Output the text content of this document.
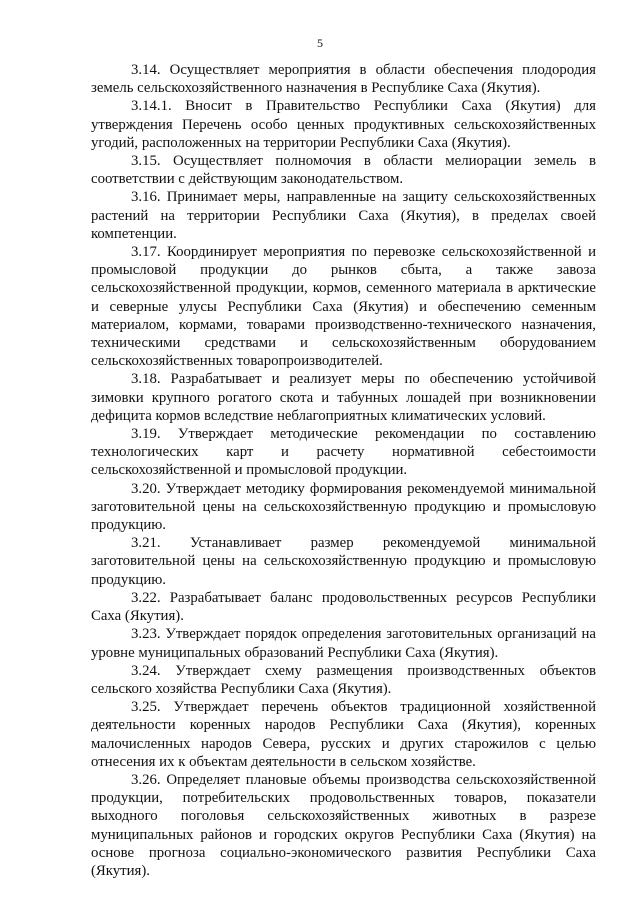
5

3.14. Осуществляет мероприятия в области обеспечения плодородия земель сельскохозяйственного назначения в Республике Саха (Якутия).

3.14.1. Вносит в Правительство Республики Саха (Якутия) для утверждения Перечень особо ценных продуктивных сельскохозяйственных угодий, расположенных на территории Республики Саха (Якутия).

3.15. Осуществляет полномочия в области мелиорации земель в соответствии с действующим законодательством.

3.16. Принимает меры, направленные на защиту сельскохозяйственных растений на территории Республики Саха (Якутия), в пределах своей компетенции.

3.17. Координирует мероприятия по перевозке сельскохозяйственной и промысловой продукции до рынков сбыта, а также завоза сельскохозяйственной продукции, кормов, семенного материала в арктические и северные улусы Республики Саха (Якутия) и обеспечению семенным материалом, кормами, товарами производственно-технического назначения, техническими средствами и сельскохозяйственным оборудованием сельскохозяйственных товаропроизводителей.

3.18. Разрабатывает и реализует меры по обеспечению устойчивой зимовки крупного рогатого скота и табунных лошадей при возникновении дефицита кормов вследствие неблагоприятных климатических условий.

3.19. Утверждает методические рекомендации по составлению технологических карт и расчету нормативной себестоимости сельскохозяйственной и промысловой продукции.

3.20. Утверждает методику формирования рекомендуемой минимальной заготовительной цены на сельскохозяйственную продукцию и промысловую продукцию.

3.21. Устанавливает размер рекомендуемой минимальной заготовительной цены на сельскохозяйственную продукцию и промысловую продукцию.

3.22. Разрабатывает баланс продовольственных ресурсов Республики Саха (Якутия).

3.23. Утверждает порядок определения заготовительных организаций на уровне муниципальных образований Республики Саха (Якутия).

3.24. Утверждает схему размещения производственных объектов сельского хозяйства Республики Саха (Якутия).

3.25. Утверждает перечень объектов традиционной хозяйственной деятельности коренных народов Республики Саха (Якутия), коренных малочисленных народов Севера, русских и других старожилов с целью отнесения их к объектам деятельности в сельском хозяйстве.

3.26. Определяет плановые объемы производства сельскохозяйственной продукции, потребительских продовольственных товаров, показатели выходного поголовья сельскохозяйственных животных в разрезе муниципальных районов и городских округов Республики Саха (Якутия) на основе прогноза социально-экономического развития Республики Саха (Якутия).
